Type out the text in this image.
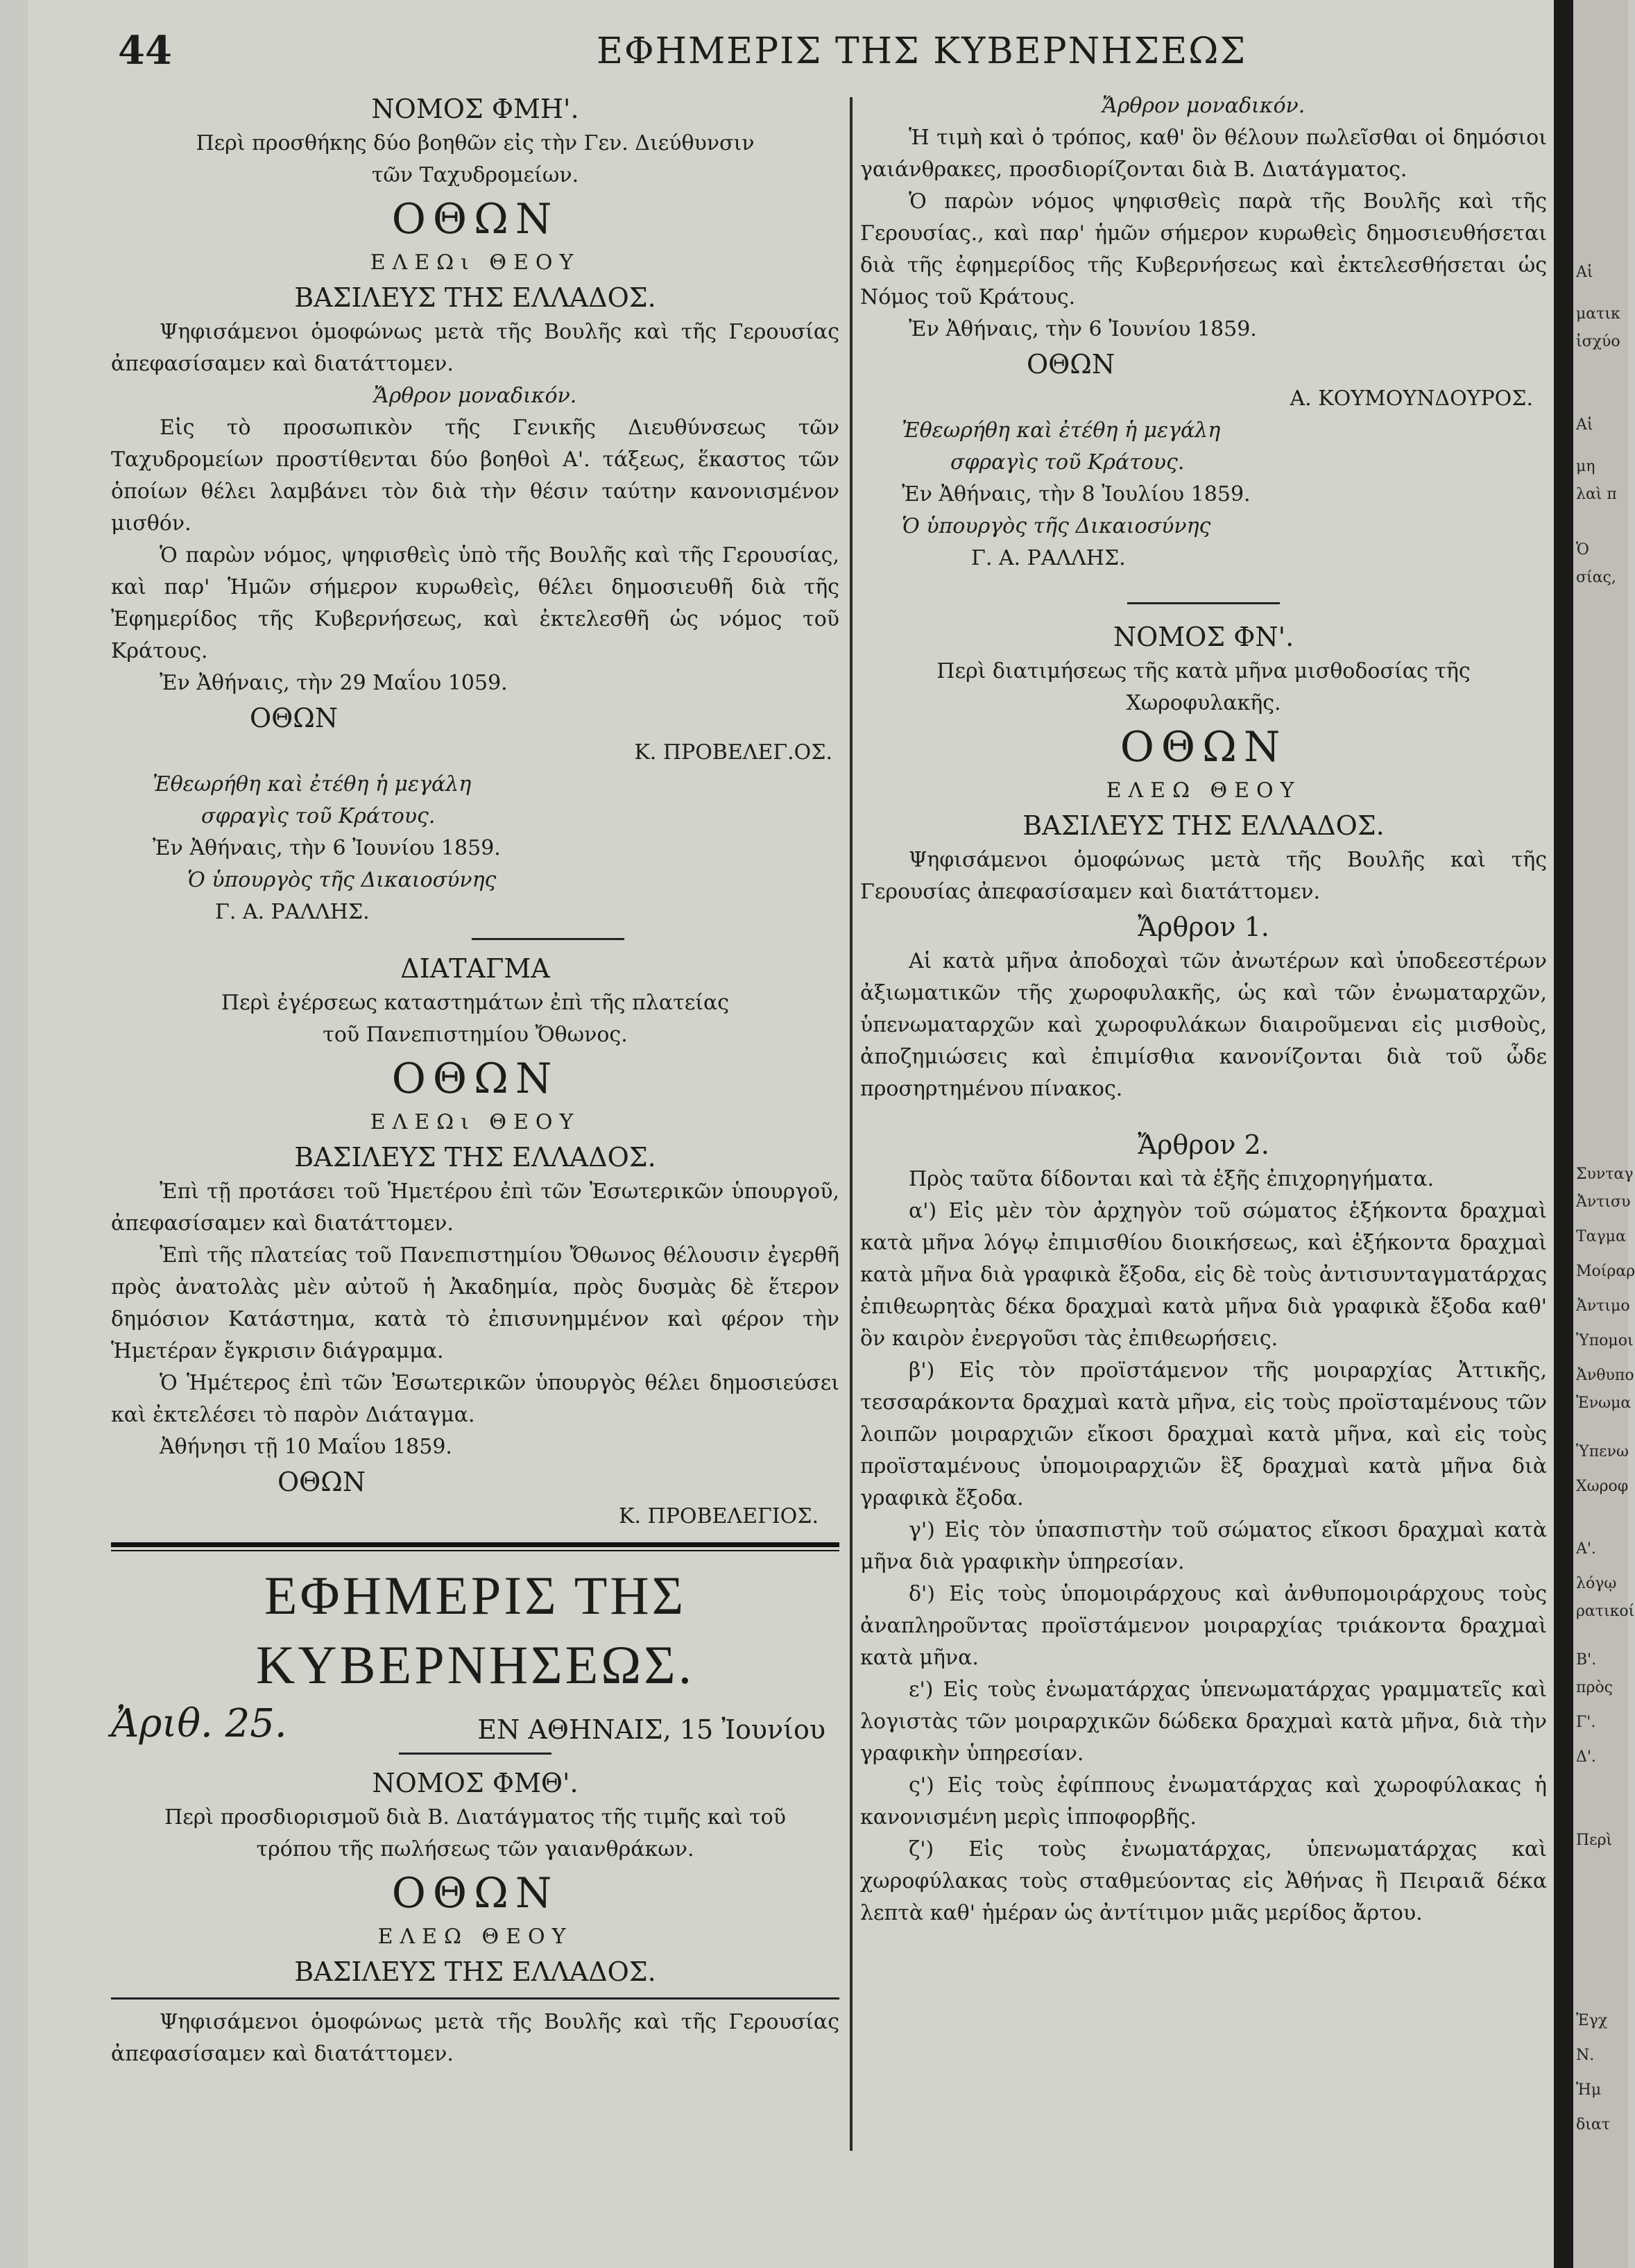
44	ΕΦΗΜΕΡΙΣ ΤΗΣ ΚΥΒΕΡΝΗΣΕΩΣ

ΝΟΜΟΣ ΦΜΗ'.

Περὶ προσθήκης δύο βοηθῶν εἰς τὴν Γεν. Διεύθυνσιν

τῶν Ταχυδρομείων.

ΟΘΩΝ

ΕΛΕΩι ΘΕΟΥ

ΒΑΣΙΛΕΥΣ ΤΗΣ ΕΛΛΑΔΟΣ.

Ψηφισάμενοι ὁμοφώνως μετὰ τῆς Βουλῆς καὶ τῆς Γερουσίας ἀπεφασίσαμεν καὶ διατάττομεν.

Ἄρθρον μοναδικόν.

Εἰς τὸ προσωπικὸν τῆς Γενικῆς Διευθύνσεως τῶν Ταχυδρομείων προστίθενται δύο βοηθοὶ Α'. τάξεως, ἕκαστος τῶν ὁποίων θέλει λαμβάνει τὸν διὰ τὴν θέσιν ταύτην κανονισμένον μισθόν.

Ὁ παρὼν νόμος, ψηφισθεὶς ὑπὸ τῆς Βουλῆς καὶ τῆς Γερουσίας, καὶ παρ' Ἡμῶν σήμερον κυρωθεὶς, θέλει δημοσιευθῆ διὰ τῆς Ἐφημερίδος τῆς Κυβερνήσεως, καὶ ἐκτελεσθῆ ὡς νόμος τοῦ Κράτους.

Ἐν Ἀθήναις, τὴν 29 Μαΐου 1059.

ΟΘΩΝ

Κ. ΠΡΟΒΕΛΕΓ.ΟΣ.

Ἐθεωρήθη καὶ ἐτέθη ἡ μεγάλη

σφραγὶς τοῦ Κράτους.

Ἐν Ἀθήναις, τὴν 6 Ἰουνίου 1859.

Ὁ ὑπουργὸς τῆς Δικαιοσύνης

Γ. Α. ΡΑΛΛΗΣ.

ΔΙΑΤΑΓΜΑ

Περὶ ἐγέρσεως καταστημάτων ἐπὶ τῆς πλατείας

τοῦ Πανεπιστημίου Ὄθωνος.

ΟΘΩΝ

ΕΛΕΩι ΘΕΟΥ

ΒΑΣΙΛΕΥΣ ΤΗΣ ΕΛΛΑΔΟΣ.

Ἐπὶ τῇ προτάσει τοῦ Ἡμετέρου ἐπὶ τῶν Ἐσωτερικῶν ὑπουργοῦ, ἀπεφασίσαμεν καὶ διατάττομεν.

Ἐπὶ τῆς πλατείας τοῦ Πανεπιστημίου Ὄθωνος θέλουσιν ἐγερθῆ πρὸς ἀνατολὰς μὲν αὐτοῦ ἡ Ἀκαδημία, πρὸς δυσμὰς δὲ ἕτερον δημόσιον Κατάστημα, κατὰ τὸ ἐπισυνημμένον καὶ φέρον τὴν Ἡμετέραν ἔγκρισιν διάγραμμα.

Ὁ Ἡμέτερος ἐπὶ τῶν Ἐσωτερικῶν ὑπουργὸς θέλει δημοσιεύσει καὶ ἐκτελέσει τὸ παρὸν Διάταγμα.

Ἀθήνησι τῇ 10 Μαΐου 1859.

ΟΘΩΝ

Κ. ΠΡΟΒΕΛΕΓΙΟΣ.

ΕΦΗΜΕΡΙΣ ΤΗΣ ΚΥΒΕΡΝΗΣΕΩΣ.

Ἀριθ. 25.	ΕΝ ΑΘΗΝΑΙΣ, 15 Ἰουνίου

ΝΟΜΟΣ ΦΜΘ'.

Περὶ προσδιορισμοῦ διὰ Β. Διατάγματος τῆς τιμῆς καὶ τοῦ

τρόπου τῆς πωλήσεως τῶν γαιανθράκων.

ΟΘΩΝ

ΕΛΕΩ ΘΕΟΥ

ΒΑΣΙΛΕΥΣ ΤΗΣ ΕΛΛΑΔΟΣ.

Ψηφισάμενοι ὁμοφώνως μετὰ τῆς Βουλῆς καὶ τῆς Γερουσίας ἀπεφασίσαμεν καὶ διατάττομεν.

Ἄρθρον μοναδικόν.

Ἡ τιμὴ καὶ ὁ τρόπος, καθ' ὃν θέλουν πωλεῖσθαι οἱ δημόσιοι γαιάνθρακες, προσδιορίζονται διὰ Β. Διατάγματος.

Ὁ παρὼν νόμος ψηφισθεὶς παρὰ τῆς Βουλῆς καὶ τῆς Γερουσίας., καὶ παρ' ἡμῶν σήμερον κυρωθεὶς δημοσιευθήσεται διὰ τῆς ἐφημερίδος τῆς Κυβερνήσεως καὶ ἐκτελεσθήσεται ὡς Νόμος τοῦ Κράτους.

Ἐν Ἀθήναις, τὴν 6 Ἰουνίου 1859.

ΟΘΩΝ

Α. ΚΟΥΜΟΥΝΔΟΥΡΟΣ.

Ἐθεωρήθη καὶ ἐτέθη ἡ μεγάλη

σφραγὶς τοῦ Κράτους.

Ἐν Ἀθήναις, τὴν 8 Ἰουλίου 1859.

Ὁ ὑπουργὸς τῆς Δικαιοσύνης

Γ. Α. ΡΑΛΛΗΣ.

ΝΟΜΟΣ ΦΝ'.

Περὶ διατιμήσεως τῆς κατὰ μῆνα μισθοδοσίας τῆς

Χωροφυλακῆς.

ΟΘΩΝ

ΕΛΕΩ ΘΕΟΥ

ΒΑΣΙΛΕΥΣ ΤΗΣ ΕΛΛΑΔΟΣ.

Ψηφισάμενοι ὁμοφώνως μετὰ τῆς Βουλῆς καὶ τῆς Γερουσίας ἀπεφασίσαμεν καὶ διατάττομεν.

Ἄρθρον 1.

Αἱ κατὰ μῆνα ἀποδοχαὶ τῶν ἀνωτέρων καὶ ὑποδεεστέρων ἀξιωματικῶν τῆς χωροφυλακῆς, ὡς καὶ τῶν ἐνωματαρχῶν, ὑπενωματαρχῶν καὶ χωροφυλάκων διαιροῦμεναι εἰς μισθοὺς, ἀποζημιώσεις καὶ ἐπιμίσθια κανονίζονται διὰ τοῦ ὧδε προσηρτημένου πίνακος.

Ἄρθρον 2.

Πρὸς ταῦτα δίδονται καὶ τὰ ἑξῆς ἐπιχορηγήματα.

α') Εἰς μὲν τὸν ἀρχηγὸν τοῦ σώματος ἑξήκοντα δραχμαὶ κατὰ μῆνα λόγῳ ἐπιμισθίου διοικήσεως, καὶ ἑξήκοντα δραχμαὶ κατὰ μῆνα διὰ γραφικὰ ἔξοδα, εἰς δὲ τοὺς ἀντισυνταγματάρχας ἐπιθεωρητὰς δέκα δραχμαὶ κατὰ μῆνα διὰ γραφικὰ ἔξοδα καθ' ὃν καιρὸν ἐνεργοῦσι τὰς ἐπιθεωρήσεις.

β') Εἰς τὸν προϊστάμενον τῆς μοιραρχίας Ἀττικῆς, τεσσαράκοντα δραχμαὶ κατὰ μῆνα, εἰς τοὺς προϊσταμένους τῶν λοιπῶν μοιραρχιῶν εἴκοσι δραχμαὶ κατὰ μῆνα, καὶ εἰς τοὺς προϊσταμένους ὑπομοιραρχιῶν ἓξ δραχμαὶ κατὰ μῆνα διὰ γραφικὰ ἔξοδα.

γ') Εἰς τὸν ὑπασπιστὴν τοῦ σώματος εἴκοσι δραχμαὶ κατὰ μῆνα διὰ γραφικὴν ὑπηρεσίαν.

δ') Εἰς τοὺς ὑπομοιράρχους καὶ ἀνθυπομοιράρχους τοὺς ἀναπληροῦντας προϊστάμενον μοιραρχίας τριάκοντα δραχμαὶ κατὰ μῆνα.

ε') Εἰς τοὺς ἐνωματάρχας ὑπενωματάρχας γραμματεῖς καὶ λογιστὰς τῶν μοιραρχικῶν δώδεκα δραχμαὶ κατὰ μῆνα, διὰ τὴν γραφικὴν ὑπηρεσίαν.

ς') Εἰς τοὺς ἐφίππους ἐνωματάρχας καὶ χωροφύλακας ἡ κανονισμένη μερὶς ἱπποφορβῆς.

ζ') Εἰς τοὺς ἐνωματάρχας, ὑπενωματάρχας καὶ χωροφύλακας τοὺς σταθμεύοντας εἰς Ἀθήνας ἢ Πειραιᾶ δέκα λεπτὰ καθ' ἡμέραν ὡς ἀντίτιμον μιᾶς μερίδος ἄρτου.

Αἱ
ματικ
ἰσχύο
Αἱ
μη
λαὶ π
Ὁ
σίας,
Συνταγ
Ἀντισυ
Ταγμα
Μοίραρ
Ἀντιμο
Ὑπομοι
Ἀνθυπο
Ἐνωμα
Ὑπενω
Χωροφ
Α'.
λόγῳ
ρατικοί
Β'.
πρὸς
Γ'.
Δ'.
Περὶ
Ἐγχ
Ν.
Ἡμ
διατ
